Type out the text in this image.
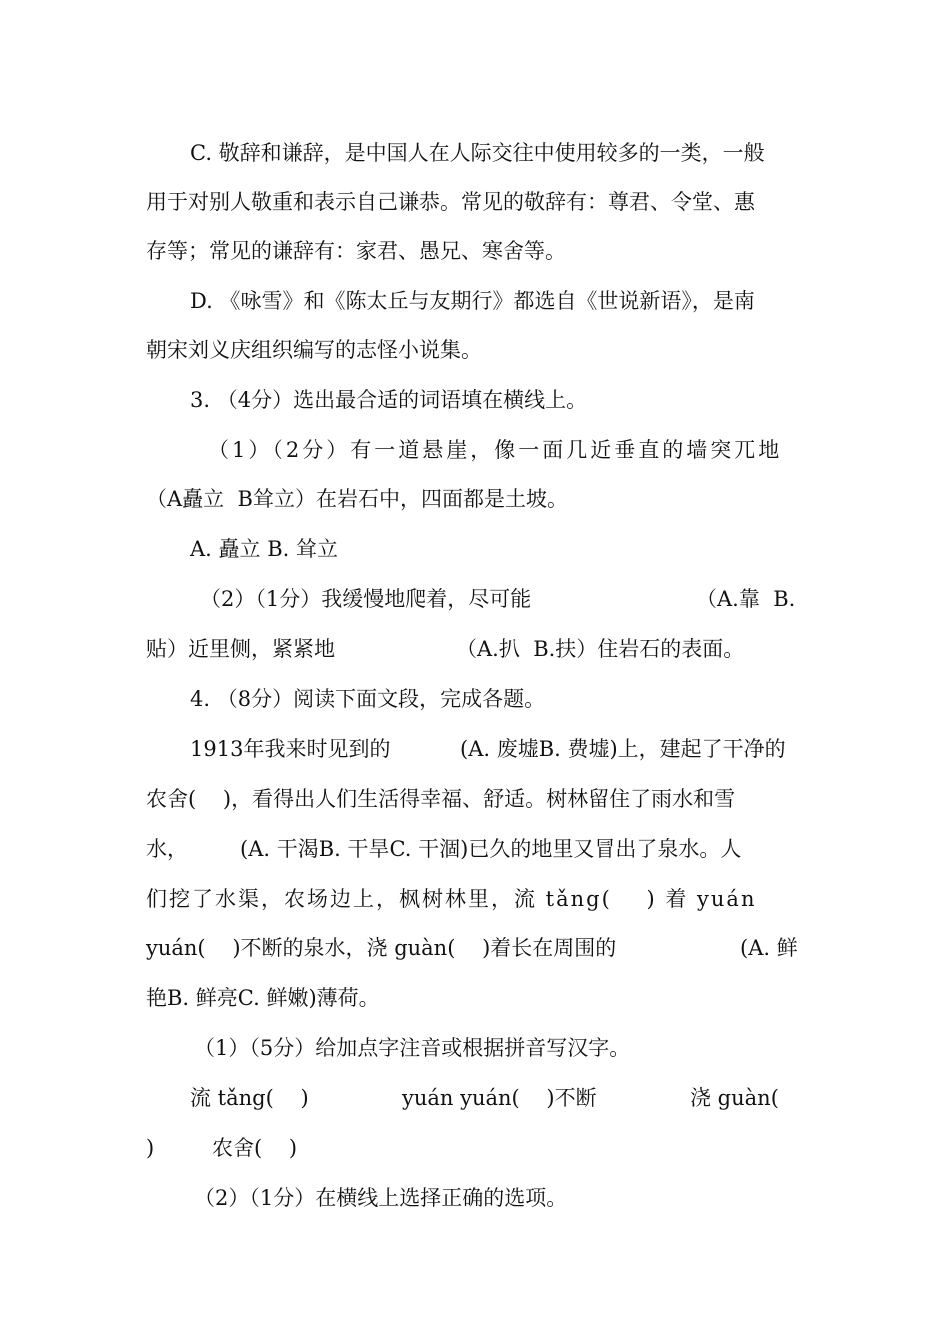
C. 敬辞和谦辞，是中国人在人际交往中使用较多的一类，一般
用于对别人敬重和表示自己谦恭。常见的敬辞有：尊君、令堂、惠
存等；常见的谦辞有：家君、愚兄、寒舍等。
D. 《咏雪》和《陈太丘与友期行》都选自《世说新语》，是南
朝宋刘义庆组织编写的志怪小说集。
3. （4分）选出最合适的词语填在横线上。
（1）（2分）有一道悬崖，像一面几近垂直的墙突兀地
（A矗立  B耸立）在岩石中，四面都是土坡。
A. 矗立 B. 耸立
（2）（1分）我缓慢地爬着，尽可能	（A.靠  B.
贴）近里侧，紧紧地	（A.扒  B.扶）住岩石的表面。
4. （8分）阅读下面文段，完成各题。
1913年我来时见到的	(A. 废墟B. 费墟)上，建起了干净的
农舍(    )，看得出人们生活得幸福、舒适。树林留住了雨水和雪
水， (A. 干渴B. 干旱C. 干涸)已久的地里又冒出了泉水。人
们挖了水渠，农场边上，枫树林里，流 tǎng(    ) 着 yuán
yuán(    )不断的泉水，浇 guàn(    )着长在周围的	(A. 鲜
艳B. 鲜亮C. 鲜嫩)薄荷。
（1）（5分）给加点字注音或根据拼音写汉字。
流 tǎng(    )	yuán yuán(    )不断	浇 guàn(
)	农舍(    )
（2）（1分）在横线上选择正确的选项。
